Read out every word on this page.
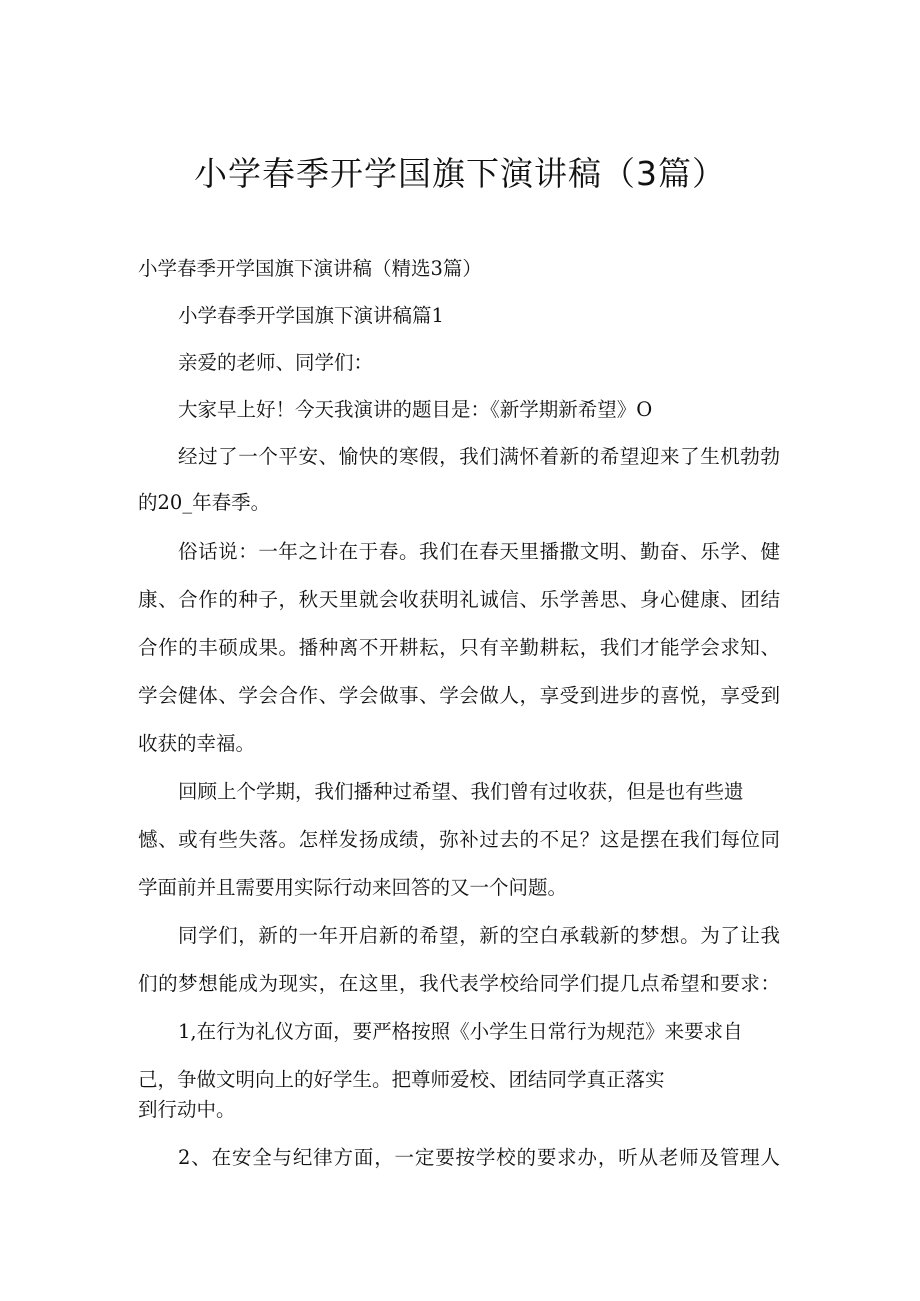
小学春季开学国旗下演讲稿（3篇）

小学春季开学国旗下演讲稿（精选3篇）

小学春季开学国旗下演讲稿篇1

亲爱的老师、同学们：

大家早上好！今天我演讲的题目是：《新学期新希望》O

经过了一个平安、愉快的寒假，我们满怀着新的希望迎来了生机勃勃

的20_年春季。

俗话说：一年之计在于春。我们在春天里播撒文明、勤奋、乐学、健

康、合作的种子，秋天里就会收获明礼诚信、乐学善思、身心健康、团结

合作的丰硕成果。播种离不开耕耘，只有辛勤耕耘，我们才能学会求知、

学会健体、学会合作、学会做事、学会做人，享受到进步的喜悦，享受到

收获的幸福。

回顾上个学期，我们播种过希望、我们曾有过收获，但是也有些遗

憾、或有些失落。怎样发扬成绩，弥补过去的不足？这是摆在我们每位同

学面前并且需要用实际行动来回答的又一个问题。

同学们，新的一年开启新的希望，新的空白承载新的梦想。为了让我

们的梦想能成为现实，在这里，我代表学校给同学们提几点希望和要求：

1,在行为礼仪方面，要严格按照《小学生日常行为规范》来要求自

己，争做文明向上的好学生。把尊师爱校、团结同学真正落实

到行动中。

2、在安全与纪律方面，一定要按学校的要求办，听从老师及管理人
